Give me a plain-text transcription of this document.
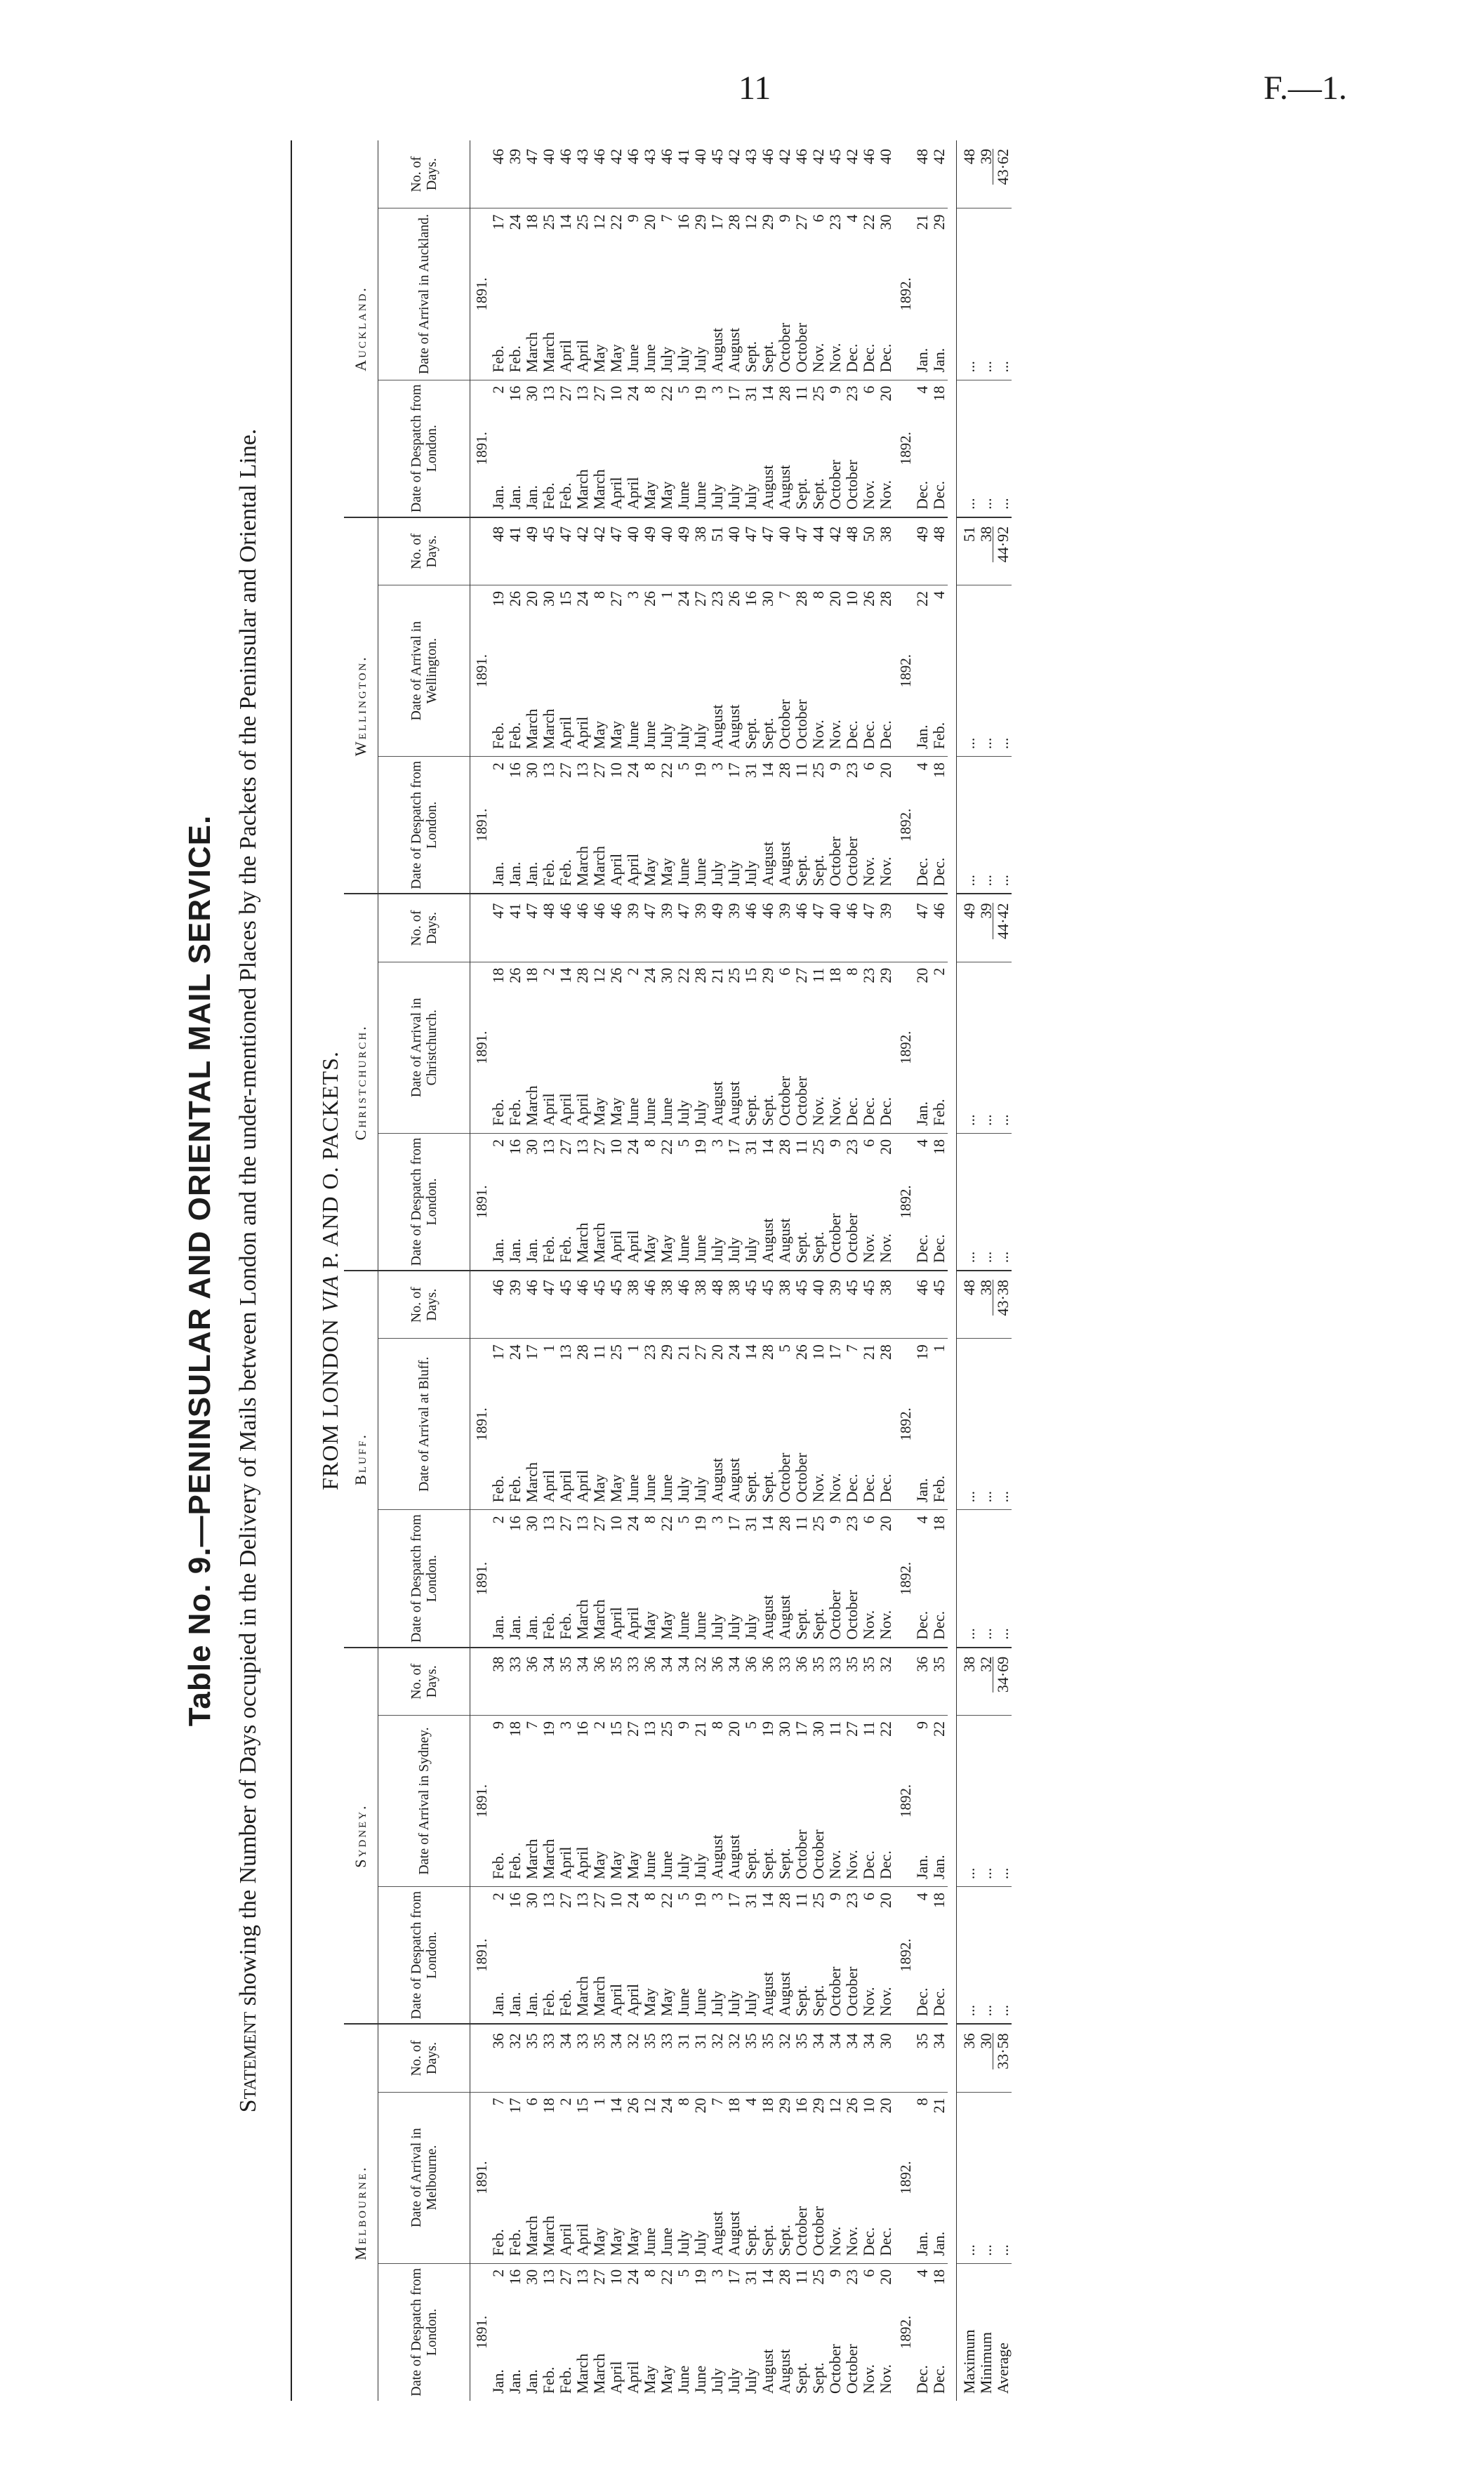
11	F.—1.
Table No. 9.—PENINSULAR AND ORIENTAL MAIL SERVICE.
Statement showing the Number of Days occupied in the Delivery of Mails between London and the under-mentioned Places by the Packets of the Peninsular and Oriental Line.	FROM LONDON VIA P. AND O. PACKETS.
Melbourne.					Sydney.					Bluff.					Christchurch.					Wellington.					Auckland.				
Date of Despatch from London.		Date of Arrival in Melbourne.		No. of Days.	Date of Despatch from London.		Date of Arrival in Sydney.		No. of Days.	Date of Despatch from London.		Date of Arrival at Bluff.		No. of Days.	Date of Despatch from London.		Date of Arrival in Christchurch.		No. of Days.	Date of Despatch from London.		Date of Arrival in Wellington.		No. of Days.	Date of Despatch from London.		Date of Arrival in Auckland.		No. of Days.
1891.		1891.			1891.		1891.			1891.		1891.			1891.		1891.			1891.		1891.			1891.		1891.		
Jan.	2	Feb.	7	36	Jan.	2	Feb.	9	38	Jan.	2	Feb.	17	46	Jan.	2	Feb.	18	47	Jan.	2	Feb.	19	48	Jan.	2	Feb.	17	46
Jan.	16	Feb.	17	32	Jan.	16	Feb.	18	33	Jan.	16	Feb.	24	39	Jan.	16	Feb.	26	41	Jan.	16	Feb.	26	41	Jan.	16	Feb.	24	39
Jan.	30	March	6	35	Jan.	30	March	7	36	Jan.	30	March	17	46	Jan.	30	March	18	47	Jan.	30	March	20	49	Jan.	30	March	18	47
Feb.	13	March	18	33	Feb.	13	March	19	34	Feb.	13	April	1	47	Feb.	13	April	2	48	Feb.	13	March	30	45	Feb.	13	March	25	40
Feb.	27	April	2	34	Feb.	27	April	3	35	Feb.	27	April	13	45	Feb.	27	April	14	46	Feb.	27	April	15	47	Feb.	27	April	14	46
March	13	April	15	33	March	13	April	16	34	March	13	April	28	46	March	13	April	28	46	March	13	April	24	42	March	13	April	25	43
March	27	May	1	35	March	27	May	2	36	March	27	May	11	45	March	27	May	12	46	March	27	May	8	42	March	27	May	12	46
April	10	May	14	34	April	10	May	15	35	April	10	May	25	45	April	10	May	26	46	April	10	May	27	47	April	10	May	22	42
April	24	May	26	32	April	24	May	27	33	April	24	June	1	38	April	24	June	2	39	April	24	June	3	40	April	24	June	9	46
May	8	June	12	35	May	8	June	13	36	May	8	June	23	46	May	8	June	24	47	May	8	June	26	49	May	8	June	20	43
May	22	June	24	33	May	22	June	25	34	May	22	June	29	38	May	22	June	30	39	May	22	July	1	40	May	22	July	7	46
June	5	July	8	31	June	5	July	9	34	June	5	July	21	46	June	5	July	22	47	June	5	July	24	49	June	5	July	16	41
June	19	July	20	31	June	19	July	21	32	June	19	July	27	38	June	19	July	28	39	June	19	July	27	38	June	19	July	29	40
July	3	August	7	32	July	3	August	8	36	July	3	August	20	48	July	3	August	21	49	July	3	August	23	51	July	3	August	17	45
July	17	August	18	32	July	17	August	20	34	July	17	August	24	38	July	17	August	25	39	July	17	August	26	40	July	17	August	28	42
July	31	Sept.	4	35	July	31	Sept.	5	36	July	31	Sept.	14	45	July	31	Sept.	15	46	July	31	Sept.	16	47	July	31	Sept.	12	43
August	14	Sept.	18	35	August	14	Sept.	19	36	August	14	Sept.	28	45	August	14	Sept.	29	46	August	14	Sept.	30	47	August	14	Sept.	29	46
August	28	Sept.	29	32	August	28	Sept.	30	33	August	28	October	5	38	August	28	October	6	39	August	28	October	7	40	August	28	October	9	42
Sept.	11	October	16	35	Sept.	11	October	17	36	Sept.	11	October	26	45	Sept.	11	October	27	46	Sept.	11	October	28	47	Sept.	11	October	27	46
Sept.	25	October	29	34	Sept.	25	October	30	35	Sept.	25	Nov.	10	40	Sept.	25	Nov.	11	47	Sept.	25	Nov.	8	44	Sept.	25	Nov.	6	42
October	9	Nov.	12	34	October	9	Nov.	11	33	October	9	Nov.	17	39	October	9	Nov.	18	40	October	9	Nov.	20	42	October	9	Nov.	23	45
October	23	Nov.	26	34	October	23	Nov.	27	35	October	23	Dec.	7	45	October	23	Dec.	8	46	October	23	Dec.	10	48	October	23	Dec.	4	42
Nov.	6	Dec.	10	34	Nov.	6	Dec.	11	35	Nov.	6	Dec.	21	45	Nov.	6	Dec.	23	47	Nov.	6	Dec.	26	50	Nov.	6	Dec.	22	46
Nov.	20	Dec.	20	30	Nov.	20	Dec.	22	32	Nov.	20	Dec.	28	38	Nov.	20	Dec.	29	39	Nov.	20	Dec.	28	38	Nov.	20	Dec.	30	40
1892.		1892.			1892.		1892.			1892.		1892.			1892.		1892.			1892.		1892.			1892.		1892.		
Dec.	4	Jan.	8	35	Dec.	4	Jan.	9	36	Dec.	4	Jan.	19	46	Dec.	4	Jan.	20	47	Dec.	4	Jan.	22	49	Dec.	4	Jan.	21	48
Dec.	18	Jan.	21	34	Dec.	18	Jan.	22	35	Dec.	18	Feb.	1	45	Dec.	18	Feb.	2	46	Dec.	18	Feb.	4	48	Dec.	18	Jan.	29	42

Maximum		...		36	...		...		38	...		...		48	...		...		49	...		...		51	...		...		48
Minimum		...		30	...		...		32	...		...		38	...		...		39	...		...		38	...		...		39
Average		...		33·58	...		...		34·69	...		...		43·38	...		...		44·42	...		...		44·92	...		...		43·62
